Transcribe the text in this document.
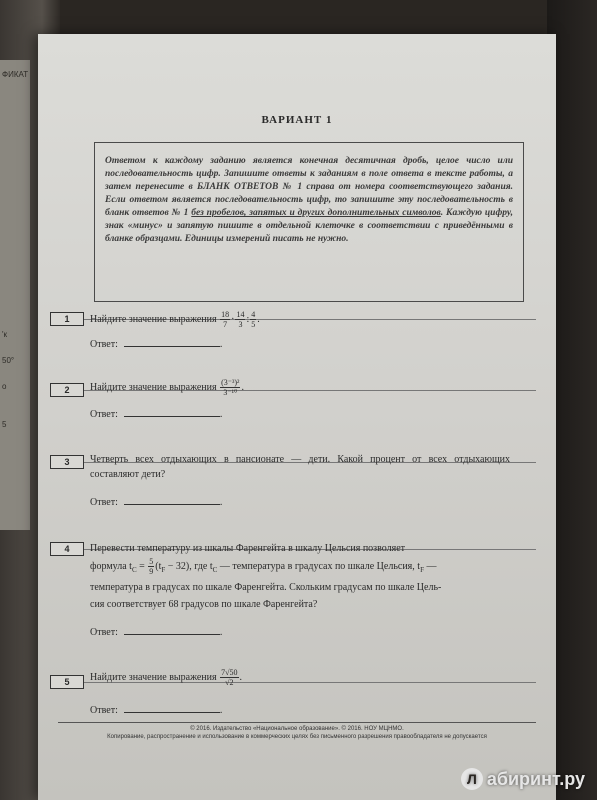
ФИКАТ
'к
50°
о
5
ВАРИАНТ 1
Ответом к каждому заданию является конечная десятичная дробь, целое число или последовательность цифр. Запишите ответы к заданиям в поле ответа в тексте работы, а затем перенесите в БЛАНК ОТВЕТОВ № 1 справа от номера соответствующего задания. Если ответом является последовательность цифр, то запишите эту последовательность в бланк ответов № 1 без пробелов, запятых и других дополнительных символов. Каждую цифру, знак «минус» и запятую пишите в отдельной клеточке в соответствии с приведёнными в бланке образцами. Единицы измерений писать не нужно.
1	Найдите значение выражения $\frac{18}{7} \cdot \frac{14}{3}$ : $\frac{4}{5}$ .
Ответ:	.
2	Найдите значение выражения $\frac{\text{(3⁻³)²}}{\text{3⁻¹⁰}}$ .
Ответ:	.
3	Четверть всех отдыхающих в пансионате — дети. Какой процент от всех отдыхающих составляют дети?
Ответ:	.
4	Перевести температуру из шкалы Фаренгейта в шкалу Цельсия позволяет
формула $t_C = \frac{5}{9} (t_F - 32)$, где $t_C$ — температура в градусах по шкале Цельсия, $t_F$ —
температура в градусах по шкале Фаренгейта. Скольким градусам по шкале Цель-
сия соответствует 68 градусов по шкале Фаренгейта?
Ответ:	.
5	Найдите значение выражения $\frac{7√50}{√2}$ .
Ответ:	.
© 2016. Издательство «Национальное образование». © 2016. НОУ МЦНМО.
Копирование, распространение и использование в коммерческих целях без письменного разрешения правообладателя не допускается
Л абиринт.ру
